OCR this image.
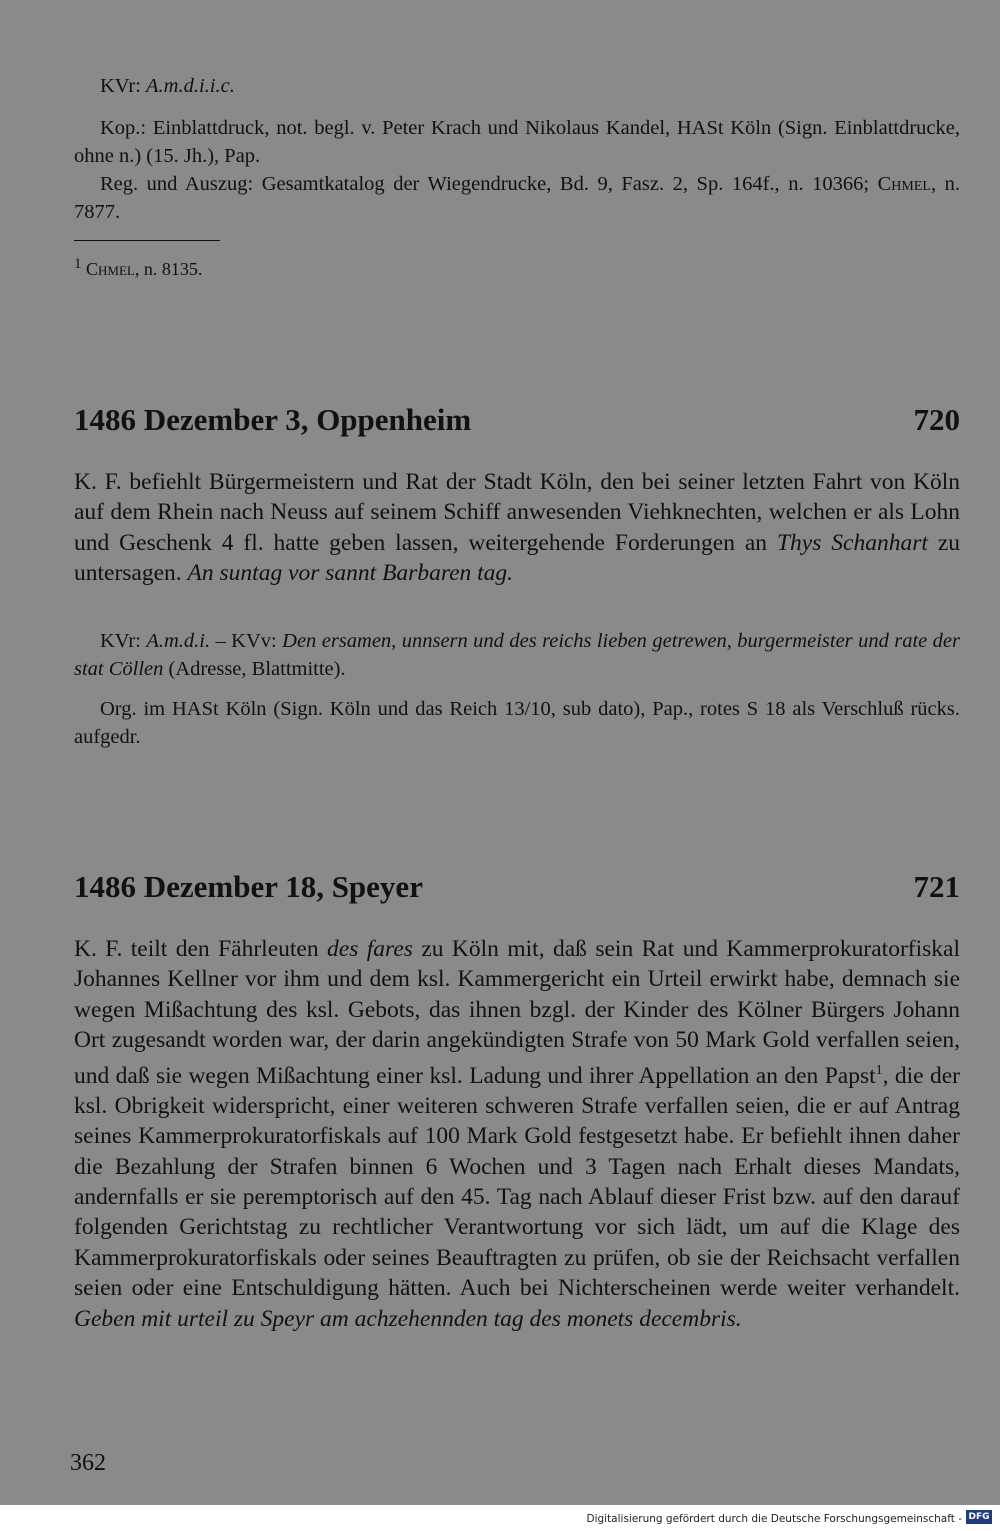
KVr: A.m.d.i.i.c.

Kop.: Einblattdruck, not. begl. v. Peter Krach und Nikolaus Kandel, HASt Köln (Sign. Einblattdrucke, ohne n.) (15. Jh.), Pap.

Reg. und Auszug: Gesamtkatalog der Wiegendrucke, Bd. 9, Fasz. 2, Sp. 164f., n. 10366; Chmel, n. 7877.

$^1$ Chmel, n. 8135.
1486 Dezember 3, Oppenheim	720

K. F. befiehlt Bürgermeistern und Rat der Stadt Köln, den bei seiner letzten Fahrt von Köln auf dem Rhein nach Neuss auf seinem Schiff anwesenden Viehknechten, welchen er als Lohn und Geschenk 4 fl. hatte geben lassen, weitergehende Forderungen an Thys Schanhart zu untersagen. An suntag vor sannt Barbaren tag.

KVr: A.m.d.i. – KVv: Den ersamen, unnsern und des reichs lieben getrewen, burgermeister und rate der stat Cöllen (Adresse, Blattmitte).

Org. im HASt Köln (Sign. Köln und das Reich 13/10, sub dato), Pap., rotes S 18 als Verschluß rücks. aufgedr.

1486 Dezember 18, Speyer	721

K. F. teilt den Fährleuten des fares zu Köln mit, daß sein Rat und Kammerprokuratorfiskal Johannes Kellner vor ihm und dem ksl. Kammergericht ein Urteil erwirkt habe, demnach sie wegen Mißachtung des ksl. Gebots, das ihnen bzgl. der Kinder des Kölner Bürgers Johann Ort zugesandt worden war, der darin angekündigten Strafe von 50 Mark Gold verfallen seien, und daß sie wegen Mißachtung einer ksl. Ladung und ihrer Appellation an den Papst$^1$, die der ksl. Obrigkeit widerspricht, einer weiteren schweren Strafe verfallen seien, die er auf Antrag seines Kammerprokuratorfiskals auf 100 Mark Gold festgesetzt habe. Er befiehlt ihnen daher die Bezahlung der Strafen binnen 6 Wochen und 3 Tagen nach Erhalt dieses Mandats, andernfalls er sie peremptorisch auf den 45. Tag nach Ablauf dieser Frist bzw. auf den darauf folgenden Gerichtstag zu rechtlicher Verantwortung vor sich lädt, um auf die Klage des Kammerprokuratorfiskals oder seines Beauftragten zu prüfen, ob sie der Reichsacht verfallen seien oder eine Entschuldigung hätten. Auch bei Nichterscheinen werde weiter verhandelt. Geben mit urteil zu Speyr am achzehennden tag des monets decembris.

362
Digitalisierung gefördert durch die Deutsche Forschungsgemeinschaft - DFG
